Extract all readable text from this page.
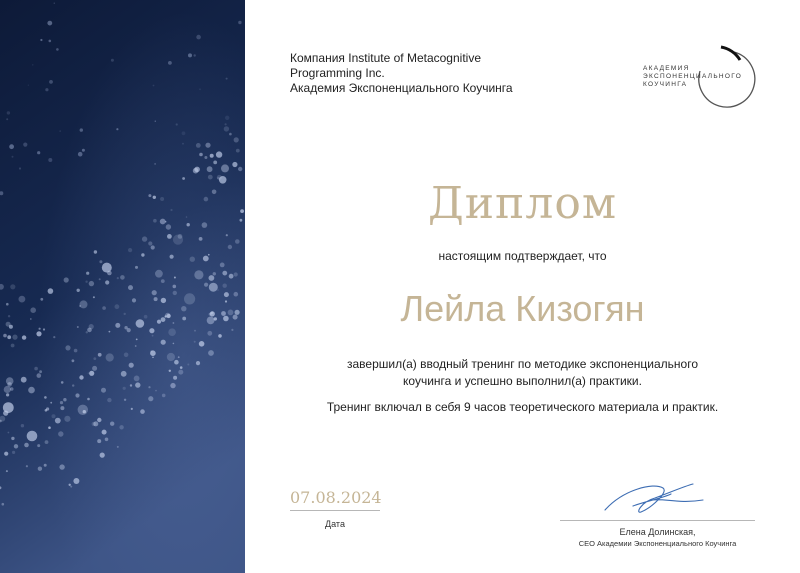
Компания Institute of Metacognitive
Programming Inc.
Академия Экспоненциального Коучинга
АКАДЕМИЯ
ЭКСПОНЕНЦИАЛЬНОГО
КОУЧИНГА
Диплом
настоящим подтверждает, что
Лейла Кизогян

завершил(а) вводный тренинг по методике экспоненциального коучинга и успешно выполнил(а) практики.

Тренинг включал в себя 9 часов теоретического материала и практик.

07.08.2024
Дата
Елена Долинская,
CEO Академии Экспоненциального Коучинга
